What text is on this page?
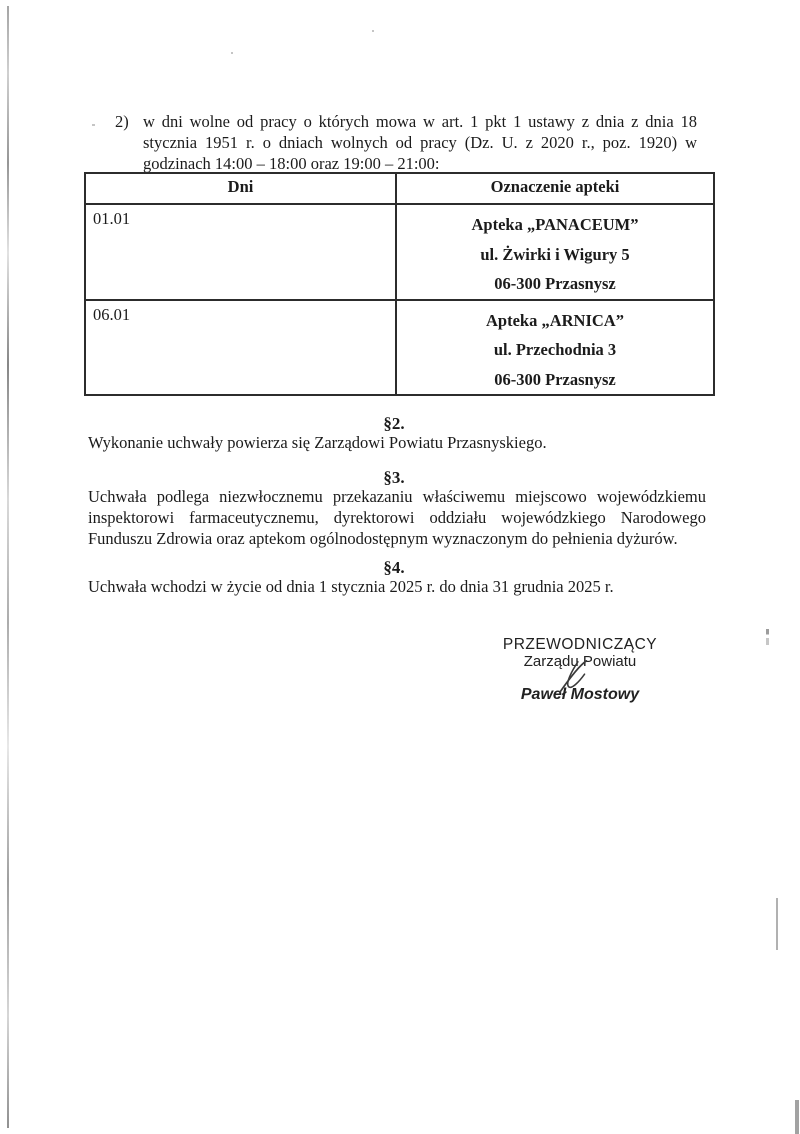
2) w dni wolne od pracy o których mowa w art. 1 pkt 1 ustawy z dnia z dnia 18 stycznia 1951 r. o dniach wolnych od pracy (Dz. U. z 2020 r., poz. 1920) w godzinach 14:00 – 18:00 oraz 19:00 – 21:00:
Dni	Oznaczenie apteki
01.01	Apteka „PANACEUM”
ul. Żwirki i Wigury 5
06-300 Przasnysz

06.01	Apteka „ARNICA”
ul. Przechodnia 3
06-300 Przasnysz
§2.
Wykonanie uchwały powierza się Zarządowi Powiatu Przasnyskiego.
§3.
Uchwała podlega niezwłocznemu przekazaniu właściwemu miejscowo wojewódzkiemu inspektorowi farmaceutycznemu, dyrektorowi oddziału wojewódzkiego Narodowego Funduszu Zdrowia oraz aptekom ogólnodostępnym wyznaczonym do pełnienia dyżurów.
§4.
Uchwała wchodzi w życie od dnia 1 stycznia 2025 r. do dnia 31 grudnia 2025 r.
PRZEWODNICZĄCY
Zarządu Powiatu
Paweł Mostowy
